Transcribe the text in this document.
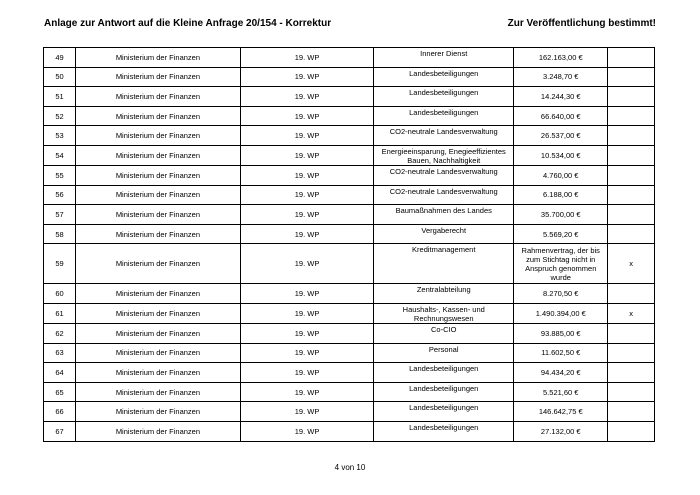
Anlage zur Antwort auf die Kleine Anfrage 20/154 - Korrektur	Zur Veröffentlichung bestimmt!
49	Ministerium der Finanzen	19. WP	Innerer Dienst	162.163,00 €	
50	Ministerium der Finanzen	19. WP	Landesbeteiligungen	3.248,70 €	
51	Ministerium der Finanzen	19. WP	Landesbeteiligungen	14.244,30 €	
52	Ministerium der Finanzen	19. WP	Landesbeteiligungen	66.640,00 €	
53	Ministerium der Finanzen	19. WP	CO2-neutrale Landesverwaltung	26.537,00 €	
54	Ministerium der Finanzen	19. WP	Energieeinsparung, Enegieeffizientes Bauen, Nachhaltigkeit	10.534,00 €	
55	Ministerium der Finanzen	19. WP	CO2-neutrale Landesverwaltung	4.760,00 €	
56	Ministerium der Finanzen	19. WP	CO2-neutrale Landesverwaltung	6.188,00 €	
57	Ministerium der Finanzen	19. WP	Baumaßnahmen des Landes	35.700,00 €	
58	Ministerium der Finanzen	19. WP	Vergaberecht	5.569,20 €	
59	Ministerium der Finanzen	19. WP	Kreditmanagement	Rahmenvertrag, der bis zum Stichtag nicht in Anspruch genommen wurde	x
60	Ministerium der Finanzen	19. WP	Zentralabteilung	8.270,50 €	
61	Ministerium der Finanzen	19. WP	Haushalts-, Kassen- und Rechnungswesen	1.490.394,00 €	x
62	Ministerium der Finanzen	19. WP	Co-CIO	93.885,00 €	
63	Ministerium der Finanzen	19. WP	Personal	11.602,50 €	
64	Ministerium der Finanzen	19. WP	Landesbeteiligungen	94.434,20 €	
65	Ministerium der Finanzen	19. WP	Landesbeteiligungen	5.521,60 €	
66	Ministerium der Finanzen	19. WP	Landesbeteiligungen	146.642,75 €	
67	Ministerium der Finanzen	19. WP	Landesbeteiligungen	27.132,00 €	
4 von 10
